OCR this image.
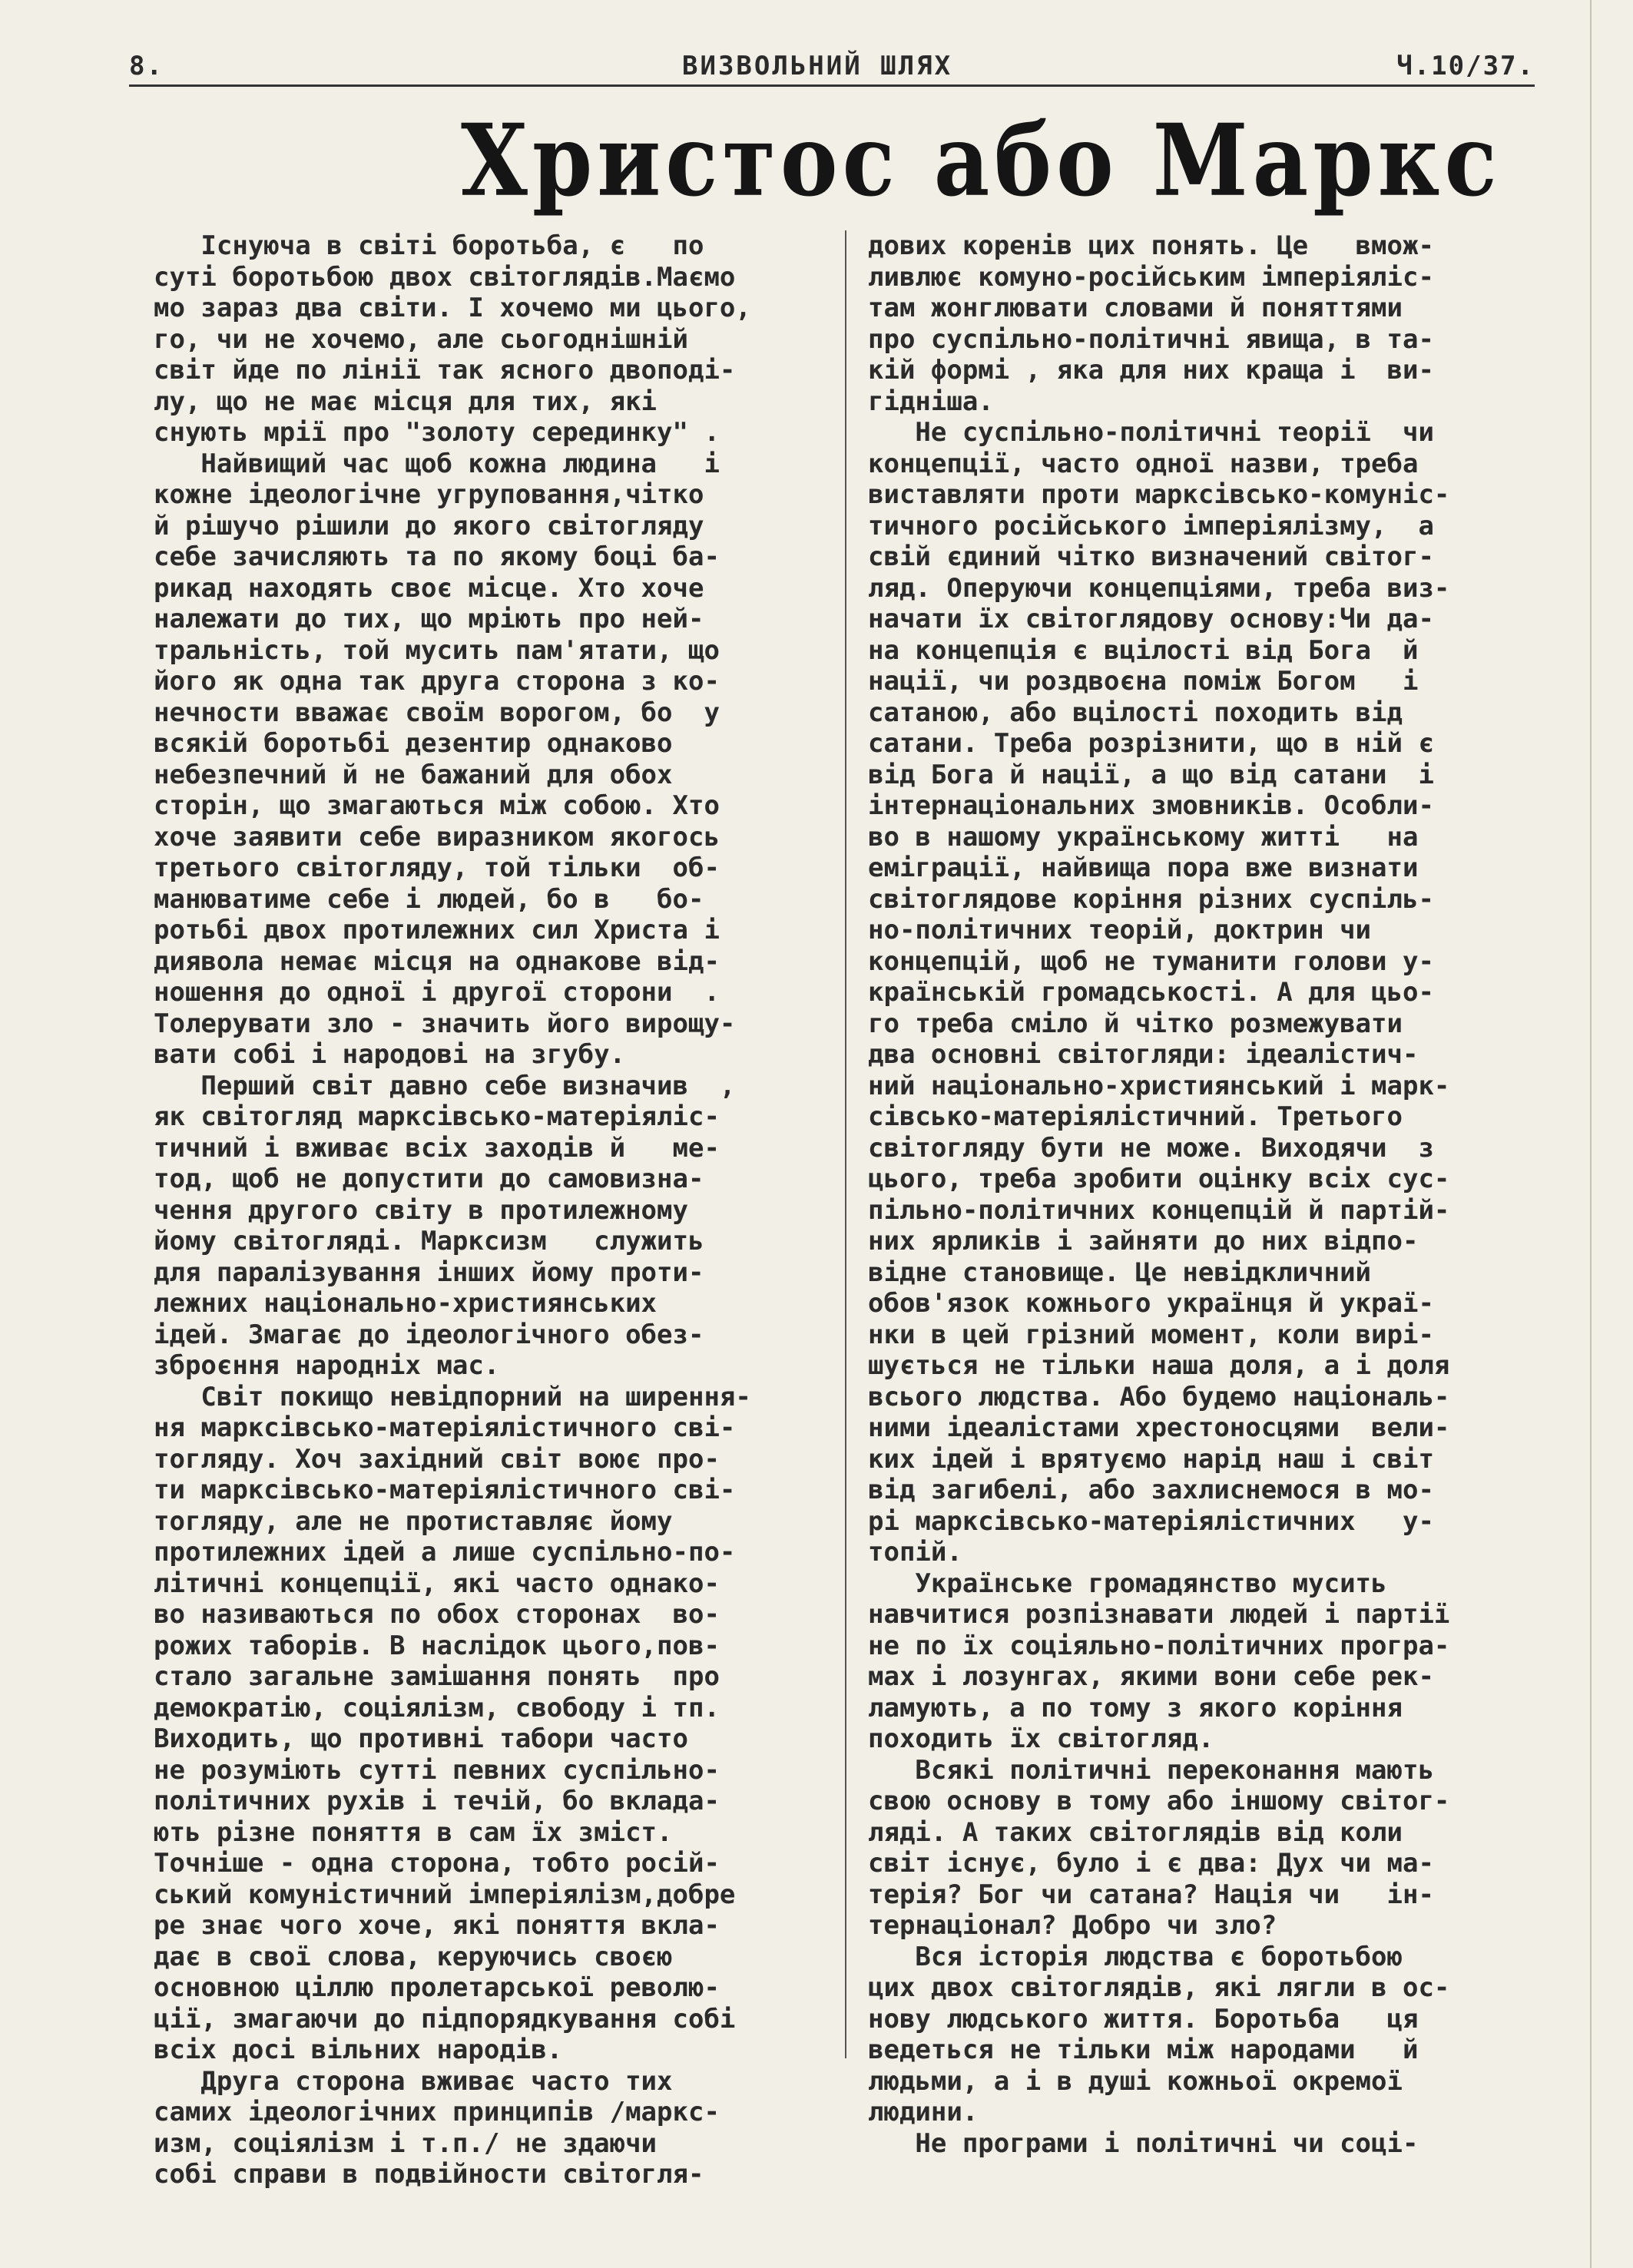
8.	ВИЗВОЛЬНИЙ ШЛЯХ	Ч.10/37.
Христос або Маркс

Існуюча в світі боротьба, є   по

суті боротьбою двох світоглядів.Маємо

мо зараз два світи. І хочемо ми цього,

го, чи не хочемо, але сьогоднішній

світ йде по лінії так ясного двоподі-

лу, що не має місця для тих, які

снують мрії про "золоту серединку" .

Найвищий час щоб кожна людина   і

кожне ідеологічне угруповання,чітко

й рішучо рішили до якого світогляду

себе зачисляють та по якому боці ба-

рикад находять своє місце. Хто хоче

належати до тих, що мріють про ней-

тральність, той мусить пам'ятати, що

його як одна так друга сторона з ко-

нечности вважає своїм ворогом, бо  у

всякій боротьбі дезентир однаково

небезпечний й не бажаний для обох

сторін, що змагаються між собою. Хто

хоче заявити себе виразником якогось

третього світогляду, той тільки  об-

манюватиме себе і людей, бо в   бо-

ротьбі двох протилежних сил Христа і

диявола немає місця на однакове від-

ношення до одної і другої сторони  .

Толерувати зло - значить його вирощу-

вати собі і народові на згубу.

Перший світ давно себе визначив  ,

як світогляд марксівсько-матеріяліс-

тичний і вживає всіх заходів й   ме-

тод, щоб не допустити до самовизна-

чення другого світу в протилежному

йому світогляді. Марксизм   служить

для паралізування інших йому проти-

лежних національно-християнських

ідей. Змагає до ідеологічного обез-

зброєння народніх мас.

Світ покищо невідпорний на ширення-

ня марксівсько-матеріялістичного сві-

тогляду. Хоч західний світ воює про-

ти марксівсько-матеріялістичного сві-

тогляду, але не протиставляє йому

протилежних ідей а лише суспільно-по-

літичні концепції, які часто однако-

во називаються по обох сторонах  во-

рожих таборів. В наслідок цього,пов-

стало загальне замішання понять  про

демократію, соціялізм, свободу і тп.

Виходить, що противні табори часто

не розуміють сутті певних суспільно-

політичних рухів і течій, бо вклада-

ють різне поняття в сам їх зміст.

Точніше - одна сторона, тобто росій-

ський комуністичний імперіялізм,добре

ре знає чого хоче, які поняття вкла-

дає в свої слова, керуючись своєю

основною ціллю пролетарської револю-

ції, змагаючи до підпорядкування собі

всіх досі вільних народів.

Друга сторона вживає часто тих

самих ідеологічних принципів /маркс-

изм, соціялізм і т.п./ не здаючи

собі справи в подвійности світогля-

дових коренів цих понять. Це   вмож-

ливлює комуно-російським імперіяліс-

там жонглювати словами й поняттями

про суспільно-політичні явища, в та-

кій формі , яка для них краща і  ви-

гідніша.

Не суспільно-політичні теорії  чи

концепції, часто одної назви, треба

виставляти проти марксівсько-комуніс-

тичного російського імперіялізму,  а

свій єдиний чітко визначений світог-

ляд. Оперуючи концепціями, треба виз-

начати їх світоглядову основу:Чи да-

на концепція є вцілості від Бога  й

нації, чи роздвоєна поміж Богом   і

сатаною, або вцілості походить від

сатани. Треба розрізнити, що в ній є

від Бога й нації, а що від сатани  і

інтернаціональних змовників. Особли-

во в нашому українському житті   на

еміграції, найвища пора вже визнати

світоглядове коріння різних суспіль-

но-політичних теорій, доктрин чи

концепцій, щоб не туманити голови у-

країнській громадськості. А для цьо-

го треба сміло й чітко розмежувати

два основні світогляди: ідеалістич-

ний національно-християнський і марк-

сівсько-матеріялістичний. Третього

світогляду бути не може. Виходячи  з

цього, треба зробити оцінку всіх сус-

пільно-політичних концепцій й партій-

них ярликів і зайняти до них відпо-

відне становище. Це невідкличний

обов'язок кожнього українця й украї-

нки в цей грізний момент, коли вирі-

шується не тільки наша доля, а і доля

всього людства. Або будемо національ-

ними ідеалістами хрестоносцями  вели-

ких ідей і врятуємо нарід наш і світ

від загибелі, або захлиснемося в мо-

рі марксівсько-матеріялістичних   у-

топій.

Українське громадянство мусить

навчитися розпізнавати людей і партії

не по їх соціяльно-політичних програ-

мах і лозунгах, якими вони себе рек-

ламують, а по тому з якого коріння

походить їх світогляд.

Всякі політичні переконання мають

свою основу в тому або іншому світог-

ляді. А таких світоглядів від коли

світ існує, було і є два: Дух чи ма-

терія? Бог чи сатана? Нація чи   ін-

тернаціонал? Добро чи зло?

Вся історія людства є боротьбою

цих двох світоглядів, які лягли в ос-

нову людського життя. Боротьба   ця

ведеться не тільки між народами   й

людьми, а і в душі кожньої окремої

людини.

Не програми і політичні чи соці-
